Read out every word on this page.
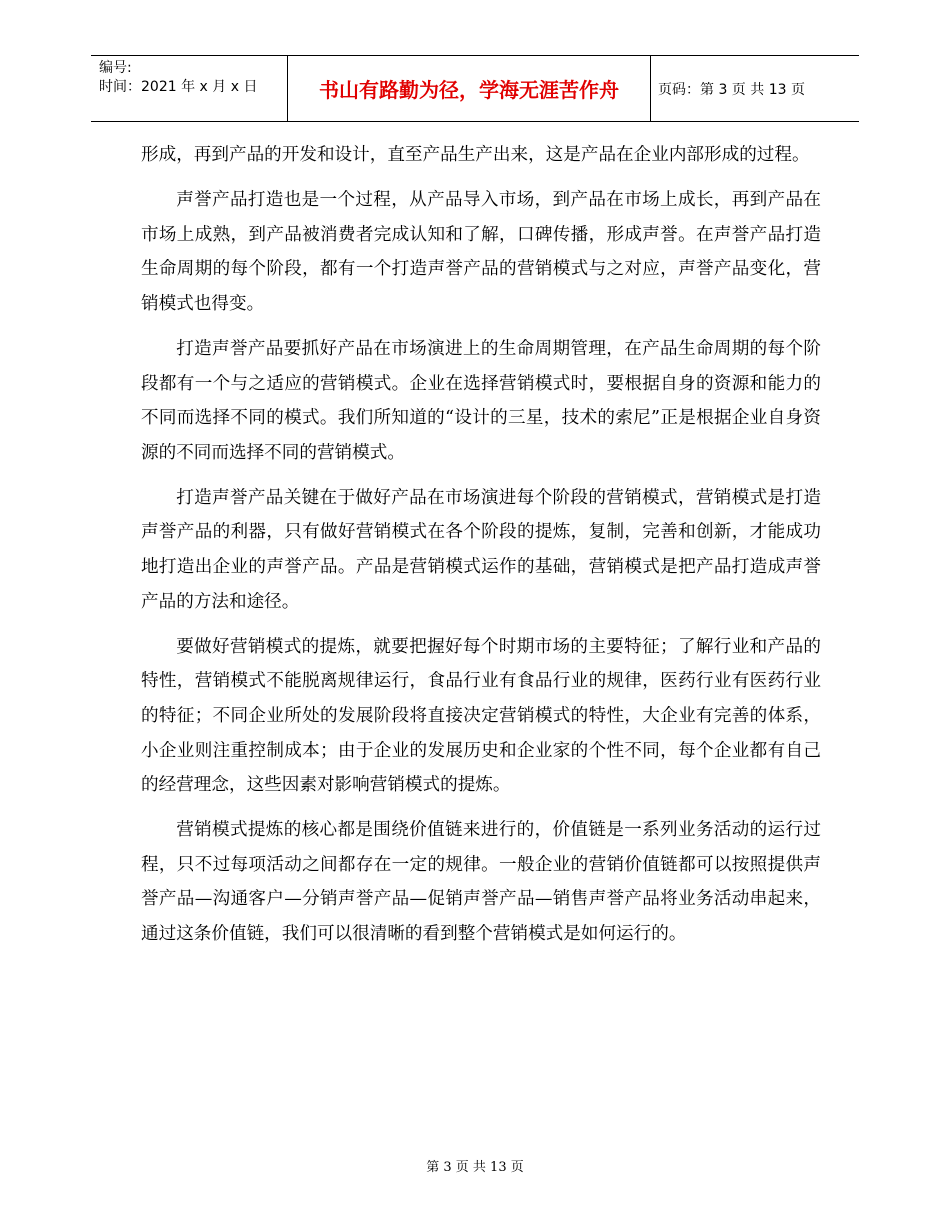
编号:
时间：2021 年 x 月 x 日	书山有路勤为径，学海无涯苦作舟	页码：第 3 页 共 13 页

形成，再到产品的开发和设计，直至产品生产出来，这是产品在企业内部形成的过程。

声誉产品打造也是一个过程，从产品导入市场，到产品在市场上成长，再到产品在市场上成熟，到产品被消费者完成认知和了解，口碑传播，形成声誉。在声誉产品打造生命周期的每个阶段，都有一个打造声誉产品的营销模式与之对应，声誉产品变化，营销模式也得变。

打造声誉产品要抓好产品在市场演进上的生命周期管理，在产品生命周期的每个阶段都有一个与之适应的营销模式。企业在选择营销模式时，要根据自身的资源和能力的不同而选择不同的模式。我们所知道的“设计的三星，技术的索尼”正是根据企业自身资源的不同而选择不同的营销模式。

打造声誉产品关键在于做好产品在市场演进每个阶段的营销模式，营销模式是打造声誉产品的利器，只有做好营销模式在各个阶段的提炼，复制，完善和创新，才能成功地打造出企业的声誉产品。产品是营销模式运作的基础，营销模式是把产品打造成声誉产品的方法和途径。

要做好营销模式的提炼，就要把握好每个时期市场的主要特征；了解行业和产品的特性，营销模式不能脱离规律运行，食品行业有食品行业的规律，医药行业有医药行业的特征；不同企业所处的发展阶段将直接决定营销模式的特性，大企业有完善的体系，小企业则注重控制成本；由于企业的发展历史和企业家的个性不同，每个企业都有自己的经营理念，这些因素对影响营销模式的提炼。

营销模式提炼的核心都是围绕价值链来进行的，价值链是一系列业务活动的运行过程，只不过每项活动之间都存在一定的规律。一般企业的营销价值链都可以按照提供声誉产品—沟通客户—分销声誉产品—促销声誉产品—销售声誉产品将业务活动串起来，通过这条价值链，我们可以很清晰的看到整个营销模式是如何运行的。

第 3 页 共 13 页
